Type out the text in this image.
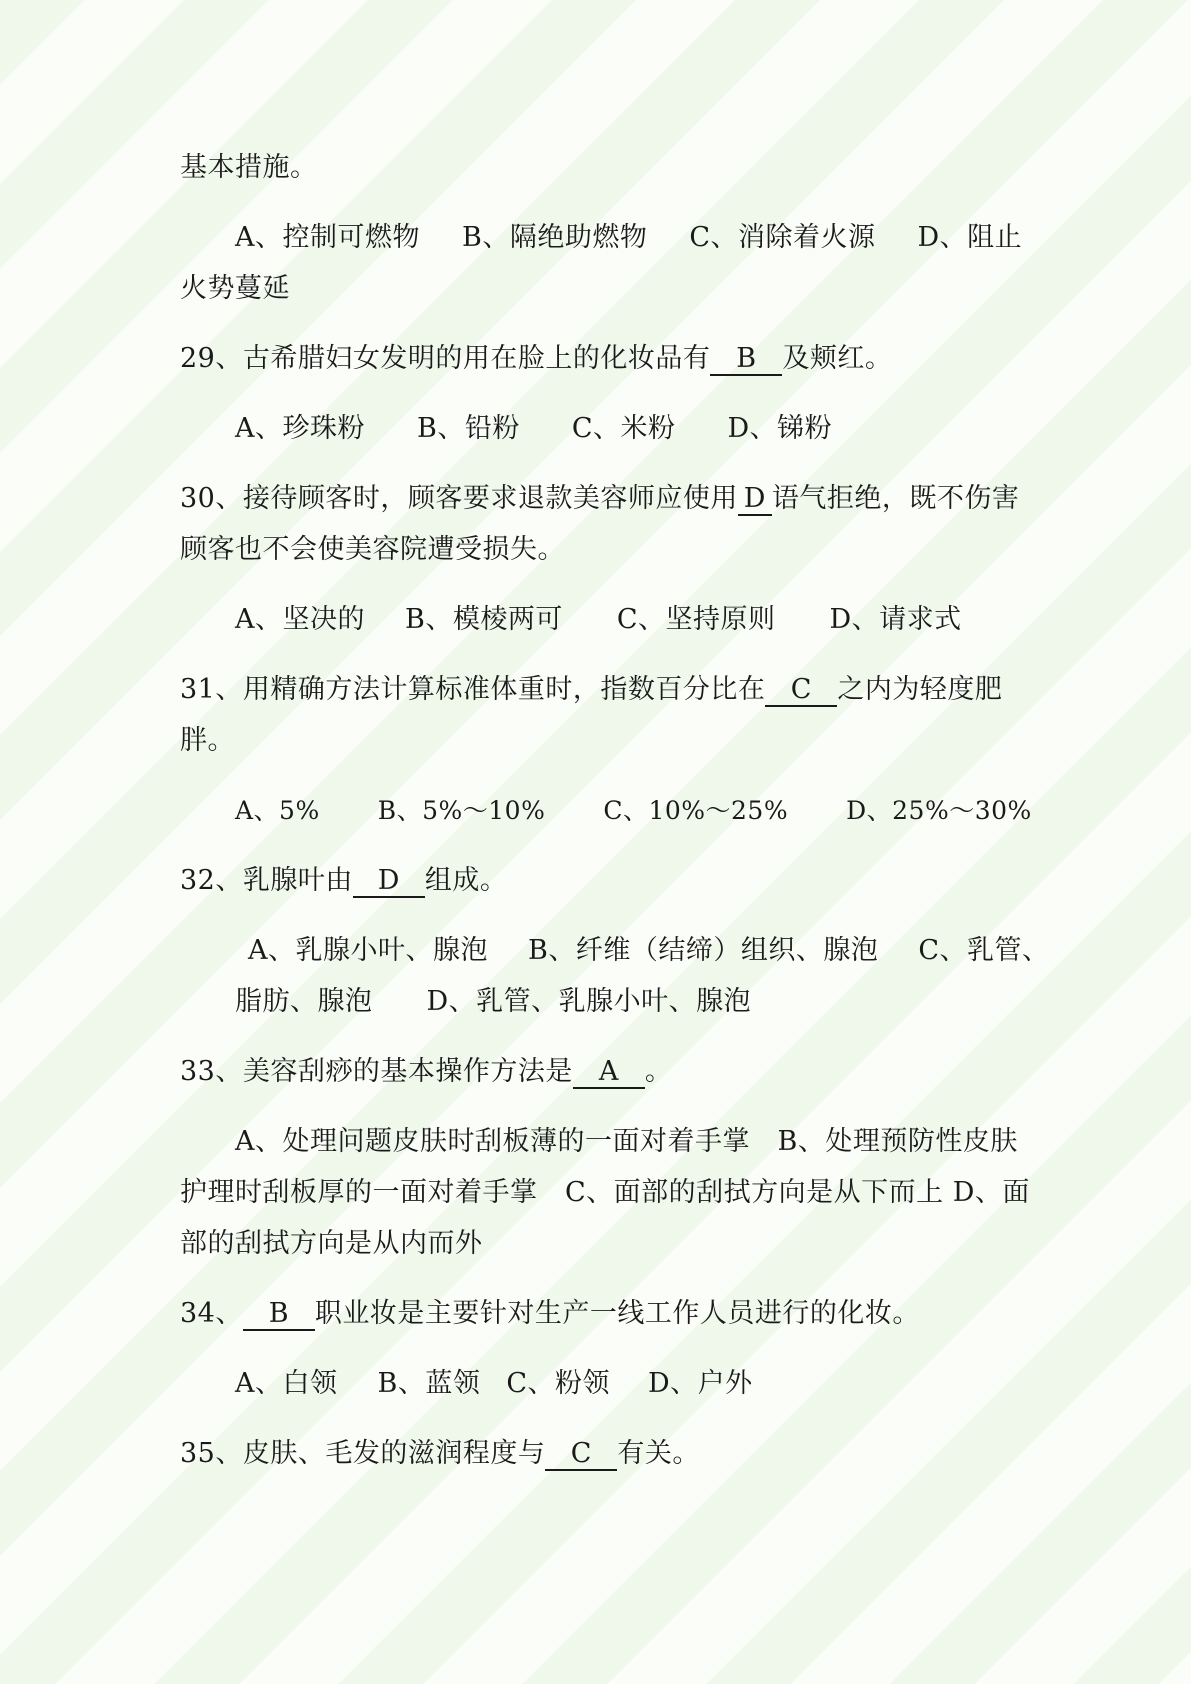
基本措施。
A、控制可燃物 B、隔绝助燃物 C、消除着火源 D、阻止
火势蔓延
29、古希腊妇女发明的用在脸上的化妆品有 B 及颊红。
A、珍珠粉 B、铅粉 C、米粉 D、锑粉
30、接待顾客时，顾客要求退款美容师应使用 D 语气拒绝，既不伤害
顾客也不会使美容院遭受损失。
A、坚决的 B、模棱两可 C、坚持原则 D、请求式
31、用精确方法计算标准体重时，指数百分比在 C 之内为轻度肥
胖。
A、5% B、5%～10% C、10%～25% D、25%～30%
32、乳腺叶由 D 组成。
A、乳腺小叶、腺泡 B、纤维（结缔）组织、腺泡 C、乳管、
脂肪、腺泡 D、乳管、乳腺小叶、腺泡
33、美容刮痧的基本操作方法是 A 。
A、处理问题皮肤时刮板薄的一面对着手掌　B、处理预防性皮肤
护理时刮板厚的一面对着手掌　C、面部的刮拭方向是从下而上 D、面
部的刮拭方向是从内而外
34、 B 职业妆是主要针对生产一线工作人员进行的化妆。
A、白领 B、蓝领 C、粉领 D、户外
35、皮肤、毛发的滋润程度与 C 有关。
